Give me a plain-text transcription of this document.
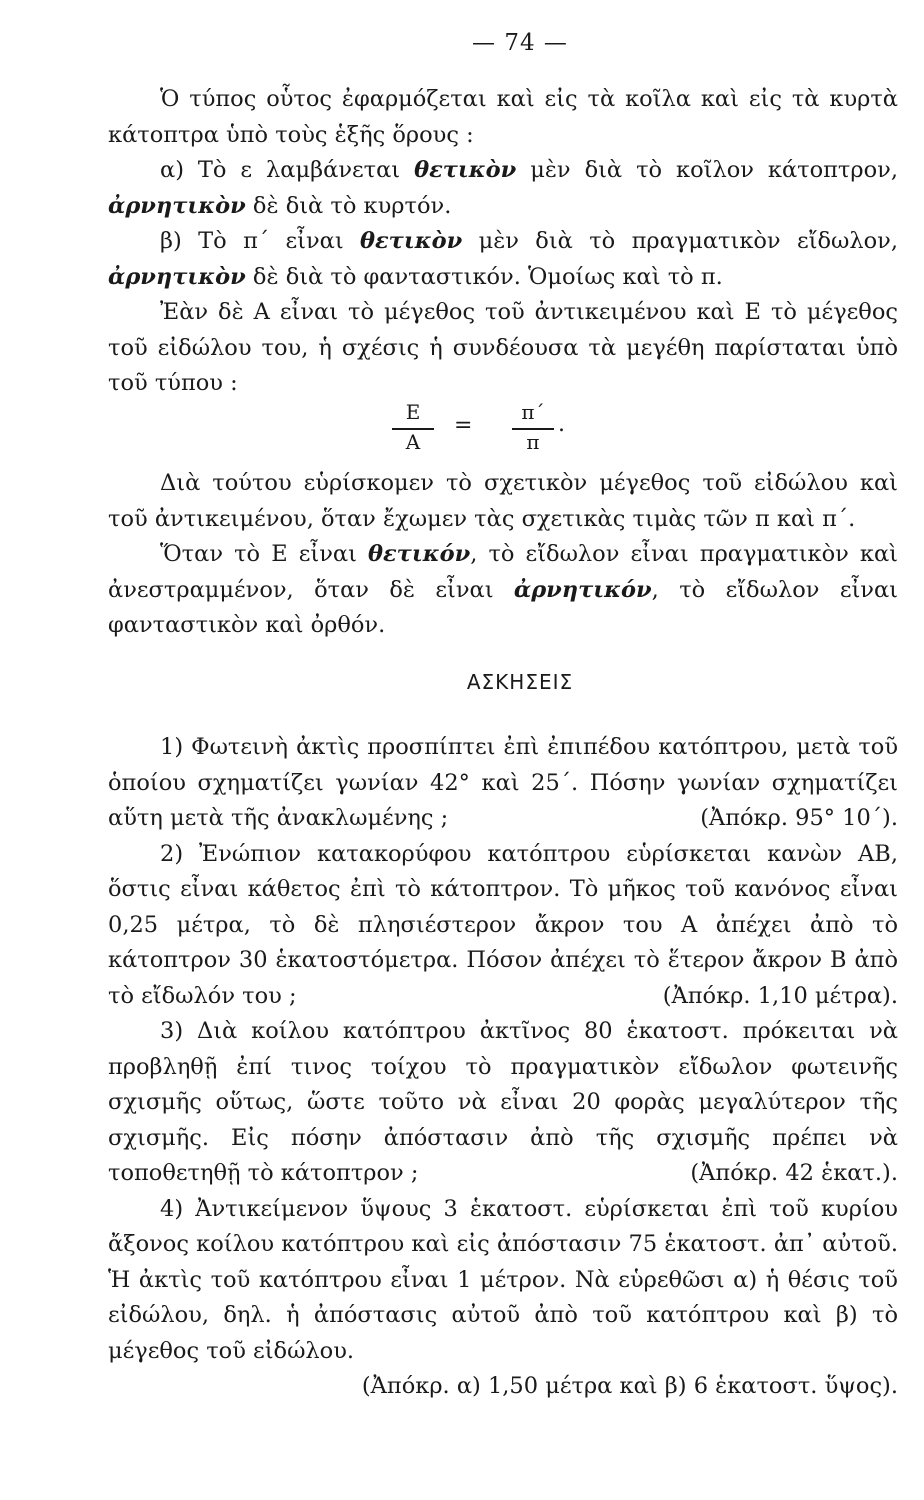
— 74 —

Ὁ τύπος οὗτος ἐφαρμόζεται καὶ εἰς τὰ κοῖλα καὶ εἰς τὰ κυρτὰ κάτοπτρα ὑπὸ τοὺς ἑξῆς ὅρους :

α) Τὸ ε λαμβάνεται θετικὸν μὲν διὰ τὸ κοῖλον κάτοπτρον, ἀρνητικὸν δὲ διὰ τὸ κυρτόν.

β) Τὸ π΄ εἶναι θετικὸν μὲν διὰ τὸ πραγματικὸν εἴδωλον, ἀρνητικὸν δὲ διὰ τὸ φανταστικόν. Ὁμοίως καὶ τὸ π.

Ἐὰν δὲ Α εἶναι τὸ μέγεθος τοῦ ἀντικειμένου καὶ Ε τὸ μέγεθος τοῦ εἰδώλου του, ἡ σχέσις ἡ συνδέουσα τὰ μεγέθη παρίσταται ὑπὸ τοῦ τύπου :

Ε
Α
=
π΄
π
.

Διὰ τούτου εὑρίσκομεν τὸ σχετικὸν μέγεθος τοῦ εἰδώλου καὶ τοῦ ἀντικειμένου, ὅταν ἔχωμεν τὰς σχετικὰς τιμὰς τῶν π καὶ π΄.

Ὅταν τὸ Ε εἶναι θετικόν, τὸ εἴδωλον εἶναι πραγματικὸν καὶ ἀνεστραμμένον, ὅταν δὲ εἶναι ἀρνητικόν, τὸ εἴδωλον εἶναι φανταστικὸν καὶ ὀρθόν.

ΑΣΚΗΣΕΙΣ

1) Φωτεινὴ ἀκτὶς προσπίπτει ἐπὶ ἐπιπέδου κατόπτρου, μετὰ τοῦ ὁποίου σχηματίζει γωνίαν 42° καὶ 25΄. Πόσην γωνίαν σχηματίζει αὕτη μετὰ τῆς ἀνακλωμένης ;	(Ἀπόκρ. 95° 10΄).

2) Ἐνώπιον κατακορύφου κατόπτρου εὑρίσκεται κανὼν ΑΒ, ὅστις εἶναι κάθετος ἐπὶ τὸ κάτοπτρον. Τὸ μῆκος τοῦ κανόνος εἶναι 0,25 μέτρα, τὸ δὲ πλησιέστερον ἄκρον του Α ἀπέχει ἀπὸ τὸ κάτοπτρον 30 ἑκατοστόμετρα. Πόσον ἀπέχει τὸ ἕτερον ἄκρον Β ἀπὸ τὸ εἴδωλόν του ;	(Ἀπόκρ. 1,10 μέτρα).

3) Διὰ κοίλου κατόπτρου ἀκτῖνος 80 ἑκατοστ. πρόκειται νὰ προβληθῇ ἐπί τινος τοίχου τὸ πραγματικὸν εἴδωλον φωτεινῆς σχισμῆς οὕτως, ὥστε τοῦτο νὰ εἶναι 20 φορὰς μεγαλύτερον τῆς σχισμῆς. Εἰς πόσην ἀπόστασιν ἀπὸ τῆς σχισμῆς πρέπει νὰ τοποθετηθῇ τὸ κάτοπτρον ;	(Ἀπόκρ. 42 ἑκατ.).

4) Ἀντικείμενον ὕψους 3 ἑκατοστ. εὑρίσκεται ἐπὶ τοῦ κυρίου ἄξονος κοίλου κατόπτρου καὶ εἰς ἀπόστασιν 75 ἑκατοστ. ἀπ᾽ αὐτοῦ. Ἡ ἀκτὶς τοῦ κατόπτρου εἶναι 1 μέτρον. Νὰ εὑρεθῶσι α) ἡ θέσις τοῦ εἰδώλου, δηλ. ἡ ἀπόστασις αὐτοῦ ἀπὸ τοῦ κατόπτρου καὶ β) τὸ μέγεθος τοῦ εἰδώλου.

(Ἀπόκρ. α) 1,50 μέτρα καὶ β) 6 ἑκατοστ. ὕψος).
